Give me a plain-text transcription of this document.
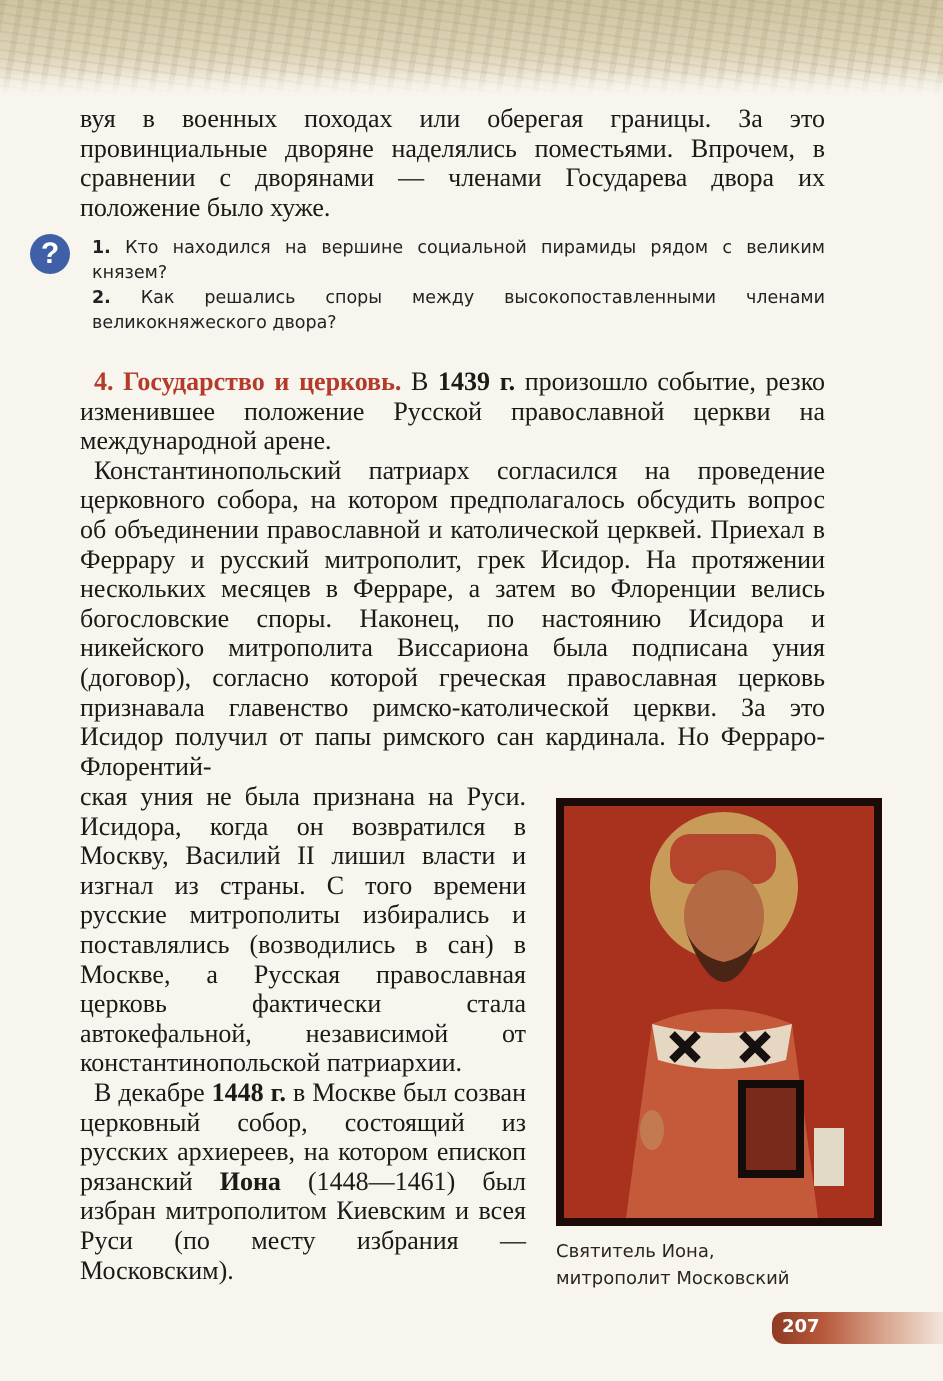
вуя в военных походах или оберегая границы. За это провинциальные дворяне наделялись поместьями. Впрочем, в сравнении с дворянами — членами Государева двора их положение было хуже.

?	1. Кто находился на вершине социальной пирамиды рядом с великим князем?

2. Как решались споры между высокопоставленными членами великокняжеского двора?

4. Государство и церковь. В 1439 г. произошло событие, резко изменившее положение Русской православной церкви на международной арене.

Константинопольский патриарх согласился на проведение церковного собора, на котором предполагалось обсудить вопрос об объединении православной и католической церквей. Приехал в Феррару и русский митрополит, грек Исидор. На протяжении нескольких месяцев в Ферраре, а затем во Флоренции велись богословские споры. Наконец, по настоянию Исидора и никейского митрополита Виссариона была подписана уния (договор), согласно которой греческая православная церковь признавала главенство римско-католической церкви. За это Исидор получил от папы римского сан кардинала. Но Ферраро-Флорентий-

ская уния не была признана на Руси. Исидора, когда он возвратился в Москву, Василий II лишил власти и изгнал из страны. С того времени русские митрополиты избирались и поставлялись (возводились в сан) в Москве, а Русская православная церковь фактически стала автокефальной, независимой от константинопольской патриархии.

В декабре 1448 г. в Москве был созван церковный собор, состоящий из русских архиереев, на котором епископ рязанский Иона (1448—1461) был избран митрополитом Киевским и всея Руси (по месту избрания — Московским).

Святитель Иона,

митрополит Московский

207
